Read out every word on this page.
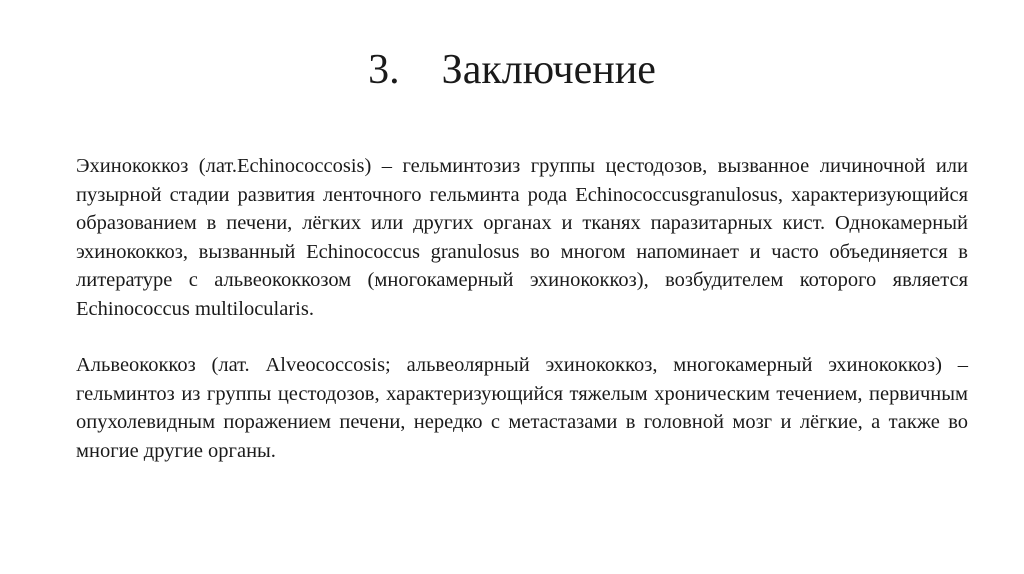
3.    Заключение

Эхинококкоз (лат.Echinococcosis) – гельминтозиз группы цестодозов, вызванное личиночной или пузырной стадии развития ленточного гельминта рода Echinococcusgranulosus, характеризующийся образованием в печени, лёгких или других органах и тканях паразитарных кист. Однокамерный эхинококкоз, вызванный Echinococcus granulosus во многом напоминает и часто объединяется в литературе с альвеококкозом (многокамерный эхинококкоз), возбудителем которого является Echinococcus multilocularis.

Альвеококкоз (лат. Alveococcosis; альвеолярный эхинококкоз, многокамерный эхинококкоз) – гельминтоз из группы цестодозов, характеризующийся тяжелым хроническим течением, первичным опухолевидным поражением печени, нередко с метастазами в головной мозг и лёгкие, а также во многие другие органы.
